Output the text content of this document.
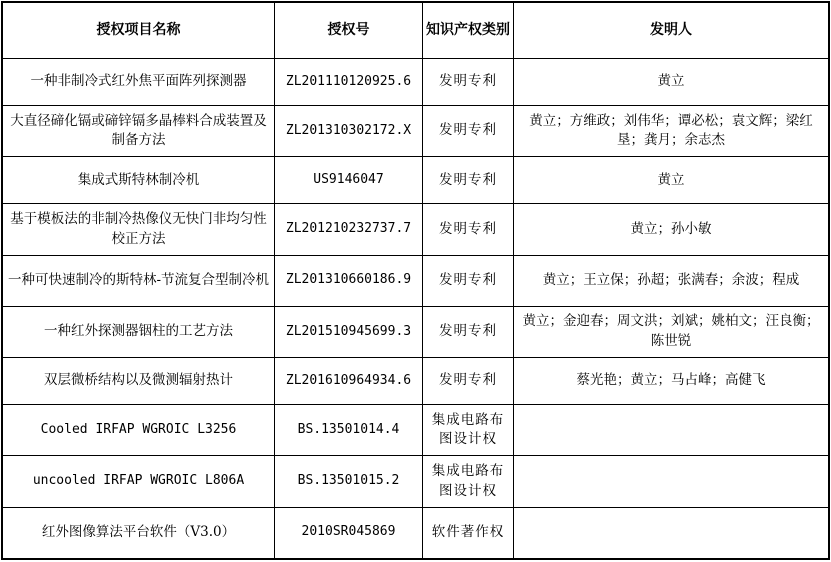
授权项目名称	授权号	知识产权类别	发明人
一种非制冷式红外焦平面阵列探测器	ZL201110120925.6	发明专利	黄立
大直径碲化镉或碲锌镉多晶棒料合成装置及制备方法	ZL201310302172.X	发明专利	黄立；方维政；刘伟华；谭必松；袁文辉；梁红垦；龚月；余志杰
集成式斯特林制冷机	US9146047	发明专利	黄立
基于模板法的非制冷热像仪无快门非均匀性校正方法	ZL201210232737.7	发明专利	黄立；孙小敏
一种可快速制冷的斯特林-节流复合型制冷机	ZL201310660186.9	发明专利	黄立；王立保；孙超；张满春；余波；程成
一种红外探测器铟柱的工艺方法	ZL201510945699.3	发明专利	黄立；金迎春；周文洪；刘斌；姚柏文；汪良衡；陈世锐
双层微桥结构以及微测辐射热计	ZL201610964934.6	发明专利	蔡光艳；黄立；马占峰；高健飞
Cooled IRFAP WGROIC L3256	BS.13501014.4	集成电路布图设计权	
uncooled IRFAP WGROIC L806A	BS.13501015.2	集成电路布图设计权	
红外图像算法平台软件（V3.0）	2010SR045869	软件著作权	
